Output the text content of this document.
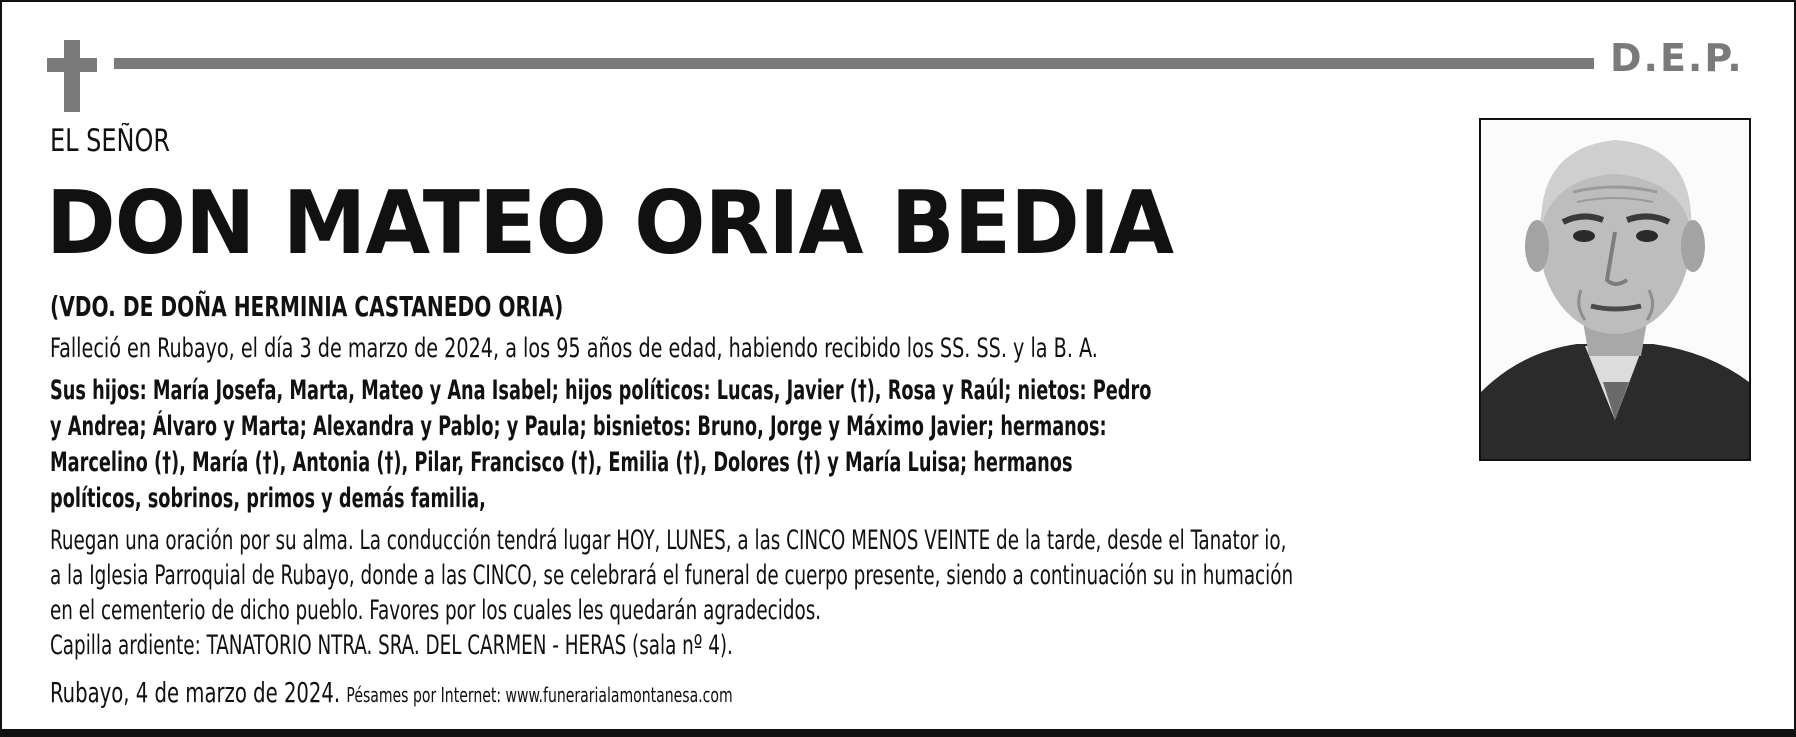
D.E.P.
EL SEÑOR
DON MATEO ORIA BEDIA
(VDO. DE DOÑA HERMINIA CASTANEDO ORIA)
Falleció en Rubayo, el día 3 de marzo de 2024, a los 95 años de edad, habiendo recibido los SS. SS. y la B. A.

Sus hijos: María Josefa, Marta, Mateo y Ana Isabel; hijos políticos: Lucas, Javier (†), Rosa y Raúl; nietos: Pedro

y Andrea; Álvaro y Marta; Alexandra y Pablo; y Paula; bisnietos: Bruno, Jorge y Máximo Javier; hermanos:

Marcelino (†), María (†), Antonia (†), Pilar, Francisco (†), Emilia (†), Dolores (†) y María Luisa; hermanos

políticos, sobrinos, primos y demás familia,

Ruegan una oración por su alma. La conducción tendrá lugar HOY, LUNES, a las CINCO MENOS VEINTE de la tarde, desde el Tanator io,

a la Iglesia Parroquial de Rubayo, donde a las CINCO, se celebrará el funeral de cuerpo presente, siendo a continuación su in humación

en el cementerio de dicho pueblo. Favores por los cuales les quedarán agradecidos.

Capilla ardiente: TANATORIO NTRA. SRA. DEL CARMEN - HERAS (sala nº 4).

Rubayo, 4 de marzo de 2024. Pésames por Internet: www.funerarialamontanesa.com
